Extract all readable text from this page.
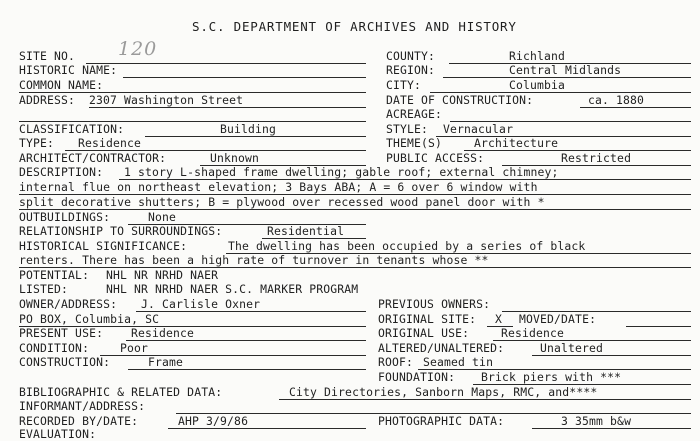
S.C. DEPARTMENT OF ARCHIVES AND HISTORY
SITE NO. 120
HISTORIC NAME:
COMMON NAME:
ADDRESS: 2307 Washington Street
CLASSIFICATION:	Building
TYPE: Residence
ARCHITECT/CONTRACTOR:	Unknown
DESCRIPTION: 1 story L-shaped frame dwelling; gable roof; external chimney;
internal flue on northeast elevation; 3 Bays ABA; A = 6 over 6 window with
split decorative shutters; B = plywood over recessed wood panel door with *
OUTBUILDINGS:	None
RELATIONSHIP TO SURROUNDINGS:	Residential
HISTORICAL SIGNIFICANCE:	The dwelling has been occupied by a series of black
renters. There has been a high rate of turnover in tenants whose **
POTENTIAL: NHL NR NRHD NAER
LISTED:	NHL NR NRHD NAER S.C. MARKER PROGRAM
OWNER/ADDRESS: J. Carlisle Oxner
PO BOX, Columbia, SC
PRESENT USE: Residence
CONDITION:	Poor
CONSTRUCTION:	Frame
BIBLIOGRAPHIC & RELATED DATA:	City Directories, Sanborn Maps, RMC, and****
INFORMANT/ADDRESS:
RECORDED BY/DATE:	AHP 3/9/86
EVALUATION:
COUNTY:	Richland
REGION:	Central Midlands
CITY:	Columbia
DATE OF CONSTRUCTION:	ca. 1880
ACREAGE:
STYLE: Vernacular
THEME(S)	Architecture
PUBLIC ACCESS:	Restricted
PREVIOUS OWNERS:
ORIGINAL SITE: X MOVED/DATE:
ORIGINAL USE:	Residence
ALTERED/UNALTERED:	Unaltered
ROOF: Seamed tin
FOUNDATION: Brick piers with ***
PHOTOGRAPHIC DATA:	3 35mm b&w
